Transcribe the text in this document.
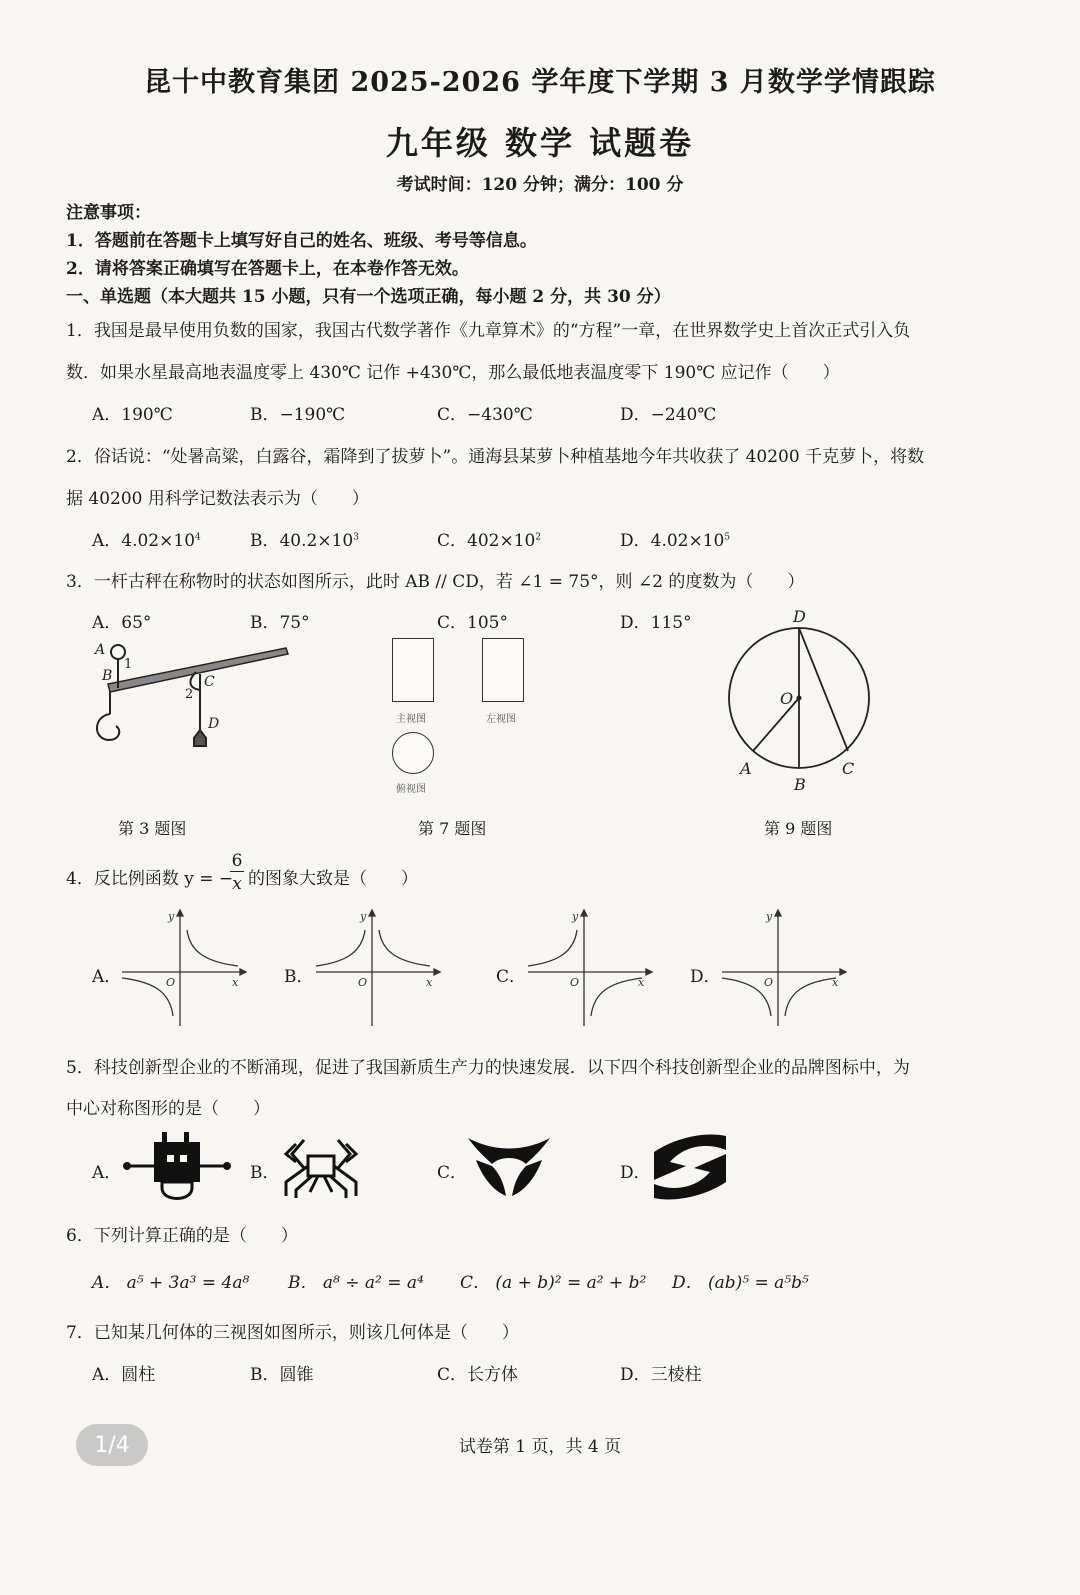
昆十中教育集团 2025-2026 学年度下学期 3 月数学学情跟踪
九年级 数学 试题卷
考试时间：120 分钟；满分：100 分
注意事项：
1．答题前在答题卡上填写好自己的姓名、班级、考号等信息。
2．请将答案正确填写在答题卡上，在本卷作答无效。
一、单选题（本大题共 15 小题，只有一个选项正确，每小题 2 分，共 30 分）
1．我国是最早使用负数的国家，我国古代数学著作《九章算术》的“方程”一章，在世界数学史上首次正式引入负
数．如果水星最高地表温度零上 430℃ 记作 +430℃，那么最低地表温度零下 190℃ 应记作（　　）
A．190℃	B．−190℃	C．−430℃	D．−240℃
2．俗话说：“处暑高粱，白露谷，霜降到了拔萝卜”。通海县某萝卜种植基地今年共收获了 40200 千克萝卜，将数
据 40200 用科学记数法表示为（　　）
A．$4.02\times 10^4$	B．$40.2\times 10^3$	C．$402\times 10^2$	D．$4.02\times 10^5$
3．一杆古秤在称物时的状态如图所示，此时 AB // CD，若 ∠1 = 75°，则 ∠2 的度数为（　　）
A．65°	B．75°	C．105°	D．115°
A
B	C
D
1
2
第 3 题图
主视图	左视图
俯视图
第 7 题图
D
O
A
B
C
第 9 题图
4．反比例函数 y = −
6
x 的图象大致是（　　）
A．	B．	C．	D．
y
x
O
y
x
O
y
x
O
y
x
O
5．科技创新型企业的不断涌现，促进了我国新质生产力的快速发展．以下四个科技创新型企业的品牌图标中，为
中心对称图形的是（　　）
A．	B．	C．	D．
6．下列计算正确的是（　　）
A． a⁵ + 3a³ = 4a⁸ B． a⁸ ÷ a² = a⁴ C． (a + b)² = a² + b² D． (ab)⁵ = a⁵b⁵
7．已知某几何体的三视图如图所示，则该几何体是（　　）
A．圆柱	B．圆锥	C．长方体	D．三棱柱
1/4	试卷第 1 页，共 4 页
